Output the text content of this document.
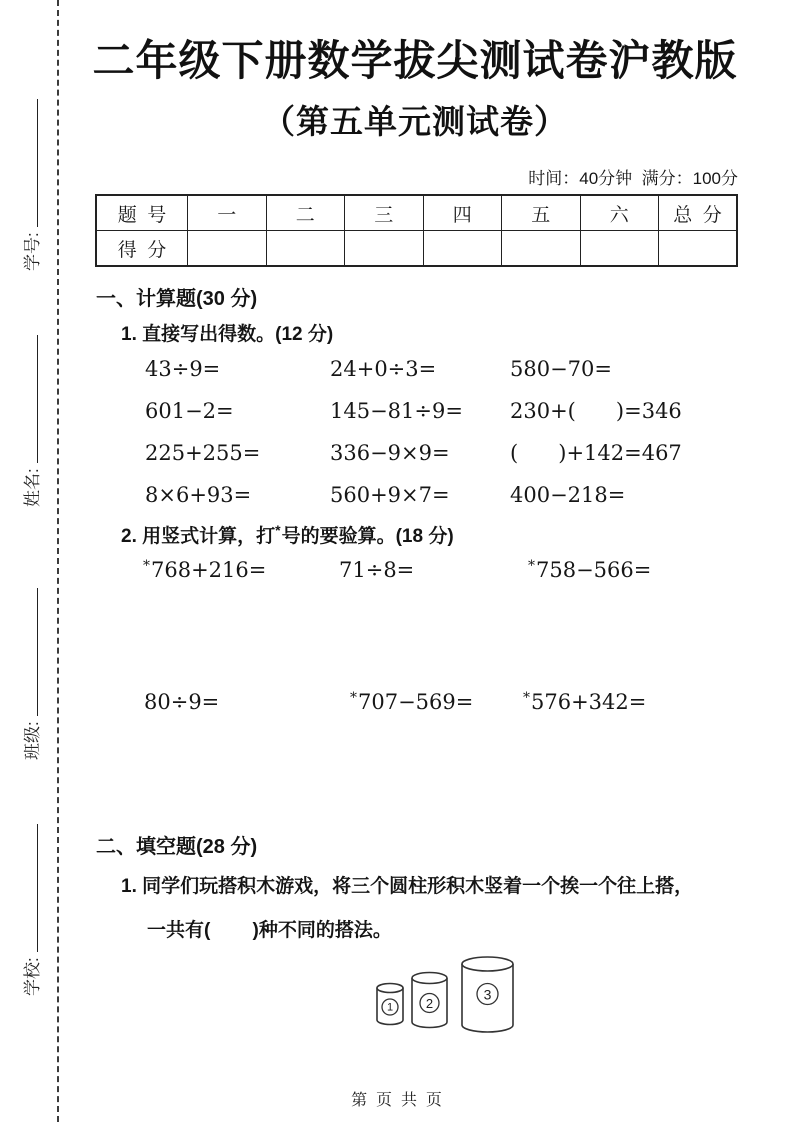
学号:
姓名:
班级:
学校:
二年级下册数学拔尖测试卷沪教版
（第五单元测试卷）
时间：40分钟  满分：100分
题  号	一	二	三	四	五	六	总  分
得  分							
一、计算题(30 分)
1. 直接写出得数。(12 分)
43÷9=	24+0÷3=	580−70=
601−2=	145−81÷9= 230+(      )=346
225+255=	336−9×9=	(      )+142=467
8×6+93=	560+9×7=	400−218=
2. 用竖式计算，打*号的要验算。(18 分)
*768+216=	71÷8=	*758−566=
80÷9=	*707−569=	*576+342=
二、填空题(28 分)
1. 同学们玩搭积木游戏，将三个圆柱形积木竖着一个挨一个往上搭，
一共有(        )种不同的搭法。
1	2
3
第  页  共  页
